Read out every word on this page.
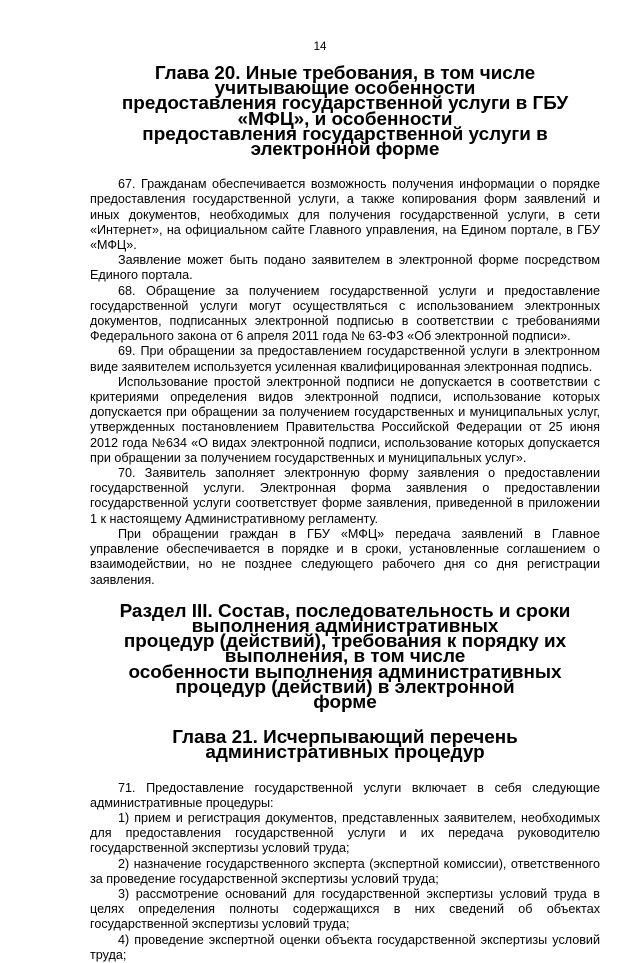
14
Глава 20. Иные требования, в том числе учитывающие особенности
предоставления государственной услуги в ГБУ «МФЦ», и особенности
предоставления государственной услуги в электронной форме

67. Гражданам обеспечивается возможность получения информации о порядке предоставления государственной услуги, а также копирования форм заявлений и иных документов, необходимых для получения государственной услуги, в сети «Интернет», на официальном сайте Главного управления, на Едином портале, в ГБУ «МФЦ».

Заявление может быть подано заявителем в электронной форме посредством Единого портала.

68. Обращение за получением государственной услуги и предоставление государственной услуги могут осуществляться с использованием электронных документов, подписанных электронной подписью в соответствии с требованиями Федерального закона от 6 апреля 2011 года № 63-ФЗ «Об электронной подписи».

69. При обращении за предоставлением государственной услуги в электронном виде заявителем используется усиленная квалифицированная электронная подпись.

Использование простой электронной подписи не допускается в соответствии с критериями определения видов электронной подписи, использование которых допускается при обращении за получением государственных и муниципальных услуг, утвержденных постановлением Правительства Российской Федерации от 25 июня 2012 года №634 «О видах электронной подписи, использование которых допускается при обращении за получением государственных и муниципальных услуг».

70. Заявитель заполняет электронную форму заявления о предоставлении государственной услуги. Электронная форма заявления о предоставлении государственной услуги соответствует форме заявления, приведенной в приложении 1 к настоящему Административному регламенту.

При обращении граждан в ГБУ «МФЦ» передача заявлений в Главное управление обеспечивается в порядке и в сроки, установленные соглашением о взаимодействии, но не позднее следующего рабочего дня со дня регистрации заявления.

Раздел III. Состав, последовательность и сроки выполнения административных
процедур (действий), требования к порядку их выполнения, в том числе
особенности выполнения административных процедур (действий) в электронной
форме
Глава 21. Исчерпывающий перечень административных процедур

71. Предоставление государственной услуги включает в себя следующие административные процедуры:

1) прием и регистрация документов, представленных заявителем, необходимых для предоставления государственной услуги и их передача руководителю государственной экспертизы условий труда;

2) назначение государственного эксперта (экспертной комиссии), ответственного за проведение государственной экспертизы условий труда;

3) рассмотрение оснований для государственной экспертизы условий труда в целях определения полноты содержащихся в них сведений об объектах государственной экспертизы условий труда;

4) проведение экспертной оценки объекта государственной экспертизы условий труда;
